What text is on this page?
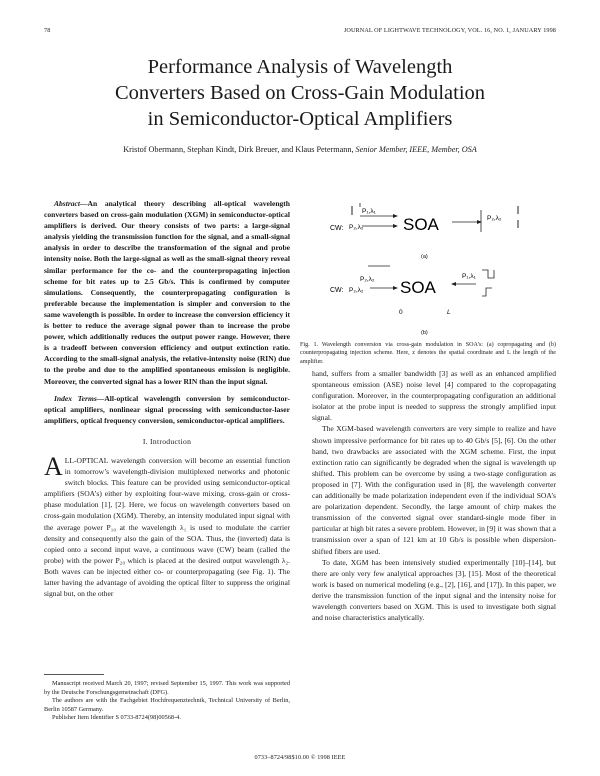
78	JOURNAL OF LIGHTWAVE TECHNOLOGY, VOL. 16, NO. 1, JANUARY 1998
Performance Analysis of Wavelength
Converters Based on Cross-Gain Modulation
in Semiconductor-Optical Amplifiers
Kristof Obermann, Stephan Kindt, Dirk Breuer, and Klaus Petermann, Senior Member, IEEE, Member, OSA

Abstract—An analytical theory describing all-optical wavelength converters based on cross-gain modulation (XGM) in semiconductor-optical amplifiers is derived. Our theory consists of two parts: a large-signal analysis yielding the transmission function for the signal, and a small-signal analysis in order to describe the transformation of the signal and probe intensity noise. Both the large-signal as well as the small-signal theory reveal similar performance for the co- and the counterpropagating injection scheme for bit rates up to 2.5 Gb/s. This is confirmed by computer simulations. Consequently, the counterpropagating configuration is preferable because the implementation is simpler and conversion to the same wavelength is possible. In order to increase the conversion efficiency it is better to reduce the average signal power than to increase the probe power, which additionally reduces the output power range. However, there is a tradeoff between conversion efficiency and output extinction ratio. According to the small-signal analysis, the relative-intensity noise (RIN) due to the probe and due to the amplified spontaneous emission is negligible. Moreover, the converted signal has a lower RIN than the input signal.

Index Terms—All-optical wavelength conversion by semiconductor-optical amplifiers, nonlinear signal processing with semiconductor-laser amplifiers, optical frequency conversion, semiconductor-optical amplifiers.

I. Introduction

ALL-OPTICAL wavelength conversion will become an essential function in tomorrow’s wavelength-division multiplexed networks and photonic switch blocks. This feature can be provided using semiconductor-optical amplifiers (SOA’s) either by exploiting four-wave mixing, cross-gain or cross-phase modulation [1], [2]. Here, we focus on wavelength converters based on cross-gain modulation (XGM). Thereby, an intensity modulated input signal with the average power P₁₀ at the wavelength λ₁ is used to modulate the carrier density and consequently also the gain of the SOA. Thus, the (inverted) data is copied onto a second input wave, a continuous wave (CW) beam (called the probe) with the power P₂₀ which is placed at the desired output wavelength λ₂. Both waves can be injected either co- or counterpropagating (see Fig. 1). The latter having the advantage of avoiding the optical filter to suppress the original signal but, on the other

Manuscript received March 20, 1997; revised September 15, 1997. This work was supported by the Deutsche Forschungsgemeinschaft (DFG).

The authors are with the Fachgebiet Hochfrequenztechnik, Technical University of Berlin, Berlin 10587 Germany.

Publisher Item Identifier S 0733-8724(98)00568-4.

P₁,λ₁
CW: P₂,λ₂ SOA	P₂,λ₂
(a)
CW: P₂,λ₂
P₂,λ₂ SOA
P₁,λ₁
0	L
(b)
Fig. 1. Wavelength conversion via cross-gain modulation in SOA’s: (a) copropagating and (b) counterpropagating injection scheme. Here, z denotes the spatial coordinate and L the length of the amplifier.

hand, suffers from a smaller bandwidth [3] as well as an enhanced amplified spontaneous emission (ASE) noise level [4] compared to the copropagating configuration. Moreover, in the counterpropagating configuration an additional isolator at the probe input is needed to suppress the strongly amplified input signal.

The XGM-based wavelength converters are very simple to realize and have shown impressive performance for bit rates up to 40 Gb/s [5], [6]. On the other hand, two drawbacks are associated with the XGM scheme. First, the input extinction ratio can significantly be degraded when the signal is wavelength up shifted. This problem can be overcome by using a two-stage configuration as proposed in [7]. With the configuration used in [8], the wavelength converter can additionally be made polarization independent even if the individual SOA’s are polarization dependent. Secondly, the large amount of chirp makes the transmission of the converted signal over standard-single mode fiber in particular at high bit rates a severe problem. However, in [9] it was shown that a transmission over a span of 121 km at 10 Gb/s is possible when dispersion-shifted fibers are used.

To date, XGM has been intensively studied experimentally [10]–[14], but there are only very few analytical approaches [3], [15]. Most of the theoretical work is based on numerical modeling (e.g., [2], [16], and [17]). In this paper, we derive the transmission function of the input signal and the intensity noise for wavelength converters based on XGM. This is used to investigate both signal and noise characteristics analytically.

0733–8724/98$10.00 © 1998 IEEE
